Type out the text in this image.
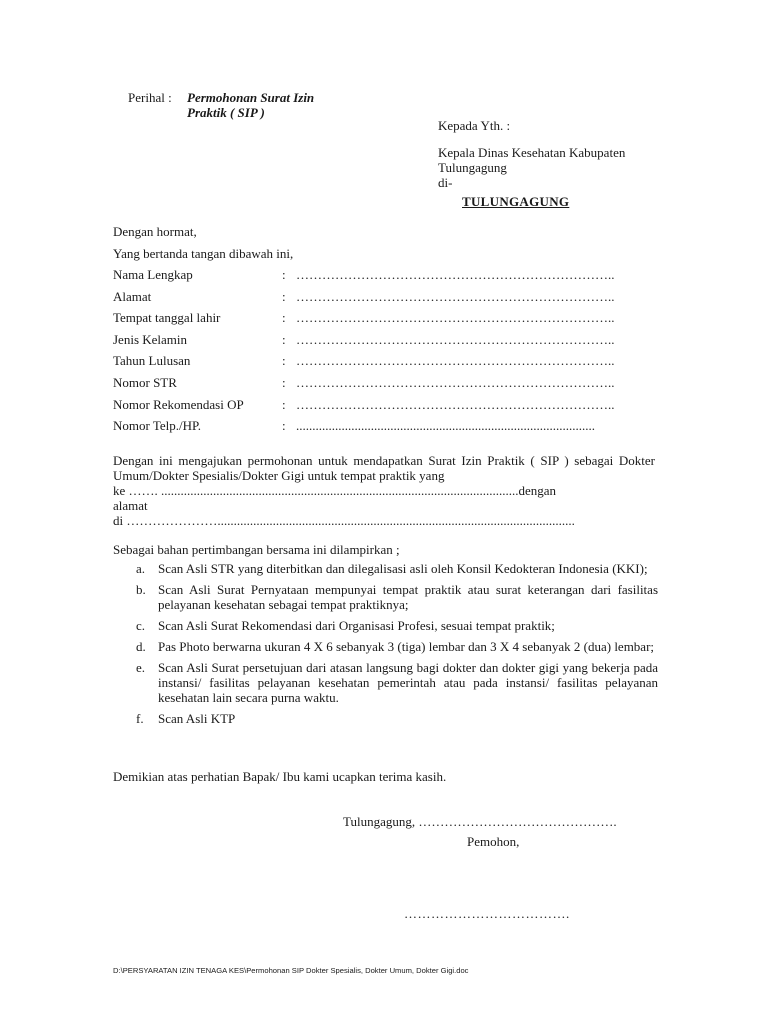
Perihal : Permohonan Surat Izin
Praktik ( SIP )
Kepada Yth. :
Kepala Dinas Kesehatan Kabupaten
Tulungagung
di-
TULUNGAGUNG
Dengan hormat,
Yang bertanda tangan dibawah ini,
Nama Lengkap	: ………………………………………………………………..
Alamat	: ………………………………………………………………..
Tempat tanggal lahir	: ………………………………………………………………..
Jenis Kelamin	: ………………………………………………………………..
Tahun Lulusan	: ………………………………………………………………..
Nomor STR	: ………………………………………………………………..
Nomor Rekomendasi OP	: ………………………………………………………………..
Nomor Telp./HP.	: ............................................................................................
Dengan ini mengajukan permohonan untuk mendapatkan Surat Izin Praktik ( SIP ) sebagai Dokter Umum/Dokter Spesialis/Dokter Gigi untuk tempat praktik yang
ke ……. ..............................................................................................................dengan
alamat
di …………………..............................................................................................................
Sebagai bahan pertimbangan bersama ini dilampirkan ;
a. Scan Asli STR yang diterbitkan dan dilegalisasi asli oleh Konsil Kedokteran Indonesia (KKI);
b. Scan Asli Surat Pernyataan mempunyai tempat praktik atau surat keterangan dari fasilitas pelayanan kesehatan sebagai tempat praktiknya;
c. Scan Asli Surat Rekomendasi dari Organisasi Profesi, sesuai tempat praktik;
d. Pas Photo berwarna ukuran 4 X 6 sebanyak 3 (tiga) lembar dan 3 X 4 sebanyak 2 (dua) lembar;
e. Scan Asli Surat persetujuan dari atasan langsung bagi dokter dan dokter gigi yang bekerja pada instansi/ fasilitas pelayanan kesehatan pemerintah atau pada instansi/ fasilitas pelayanan kesehatan lain secara purna waktu.
f.	Scan Asli KTP
Demikian atas perhatian Bapak/ Ibu kami ucapkan terima kasih.
Tulungagung, ……………………………………….
Pemohon,
……………………………….
D:\PERSYARATAN IZIN TENAGA KES\Permohonan SIP Dokter Spesialis, Dokter Umum, Dokter Gigi.doc
